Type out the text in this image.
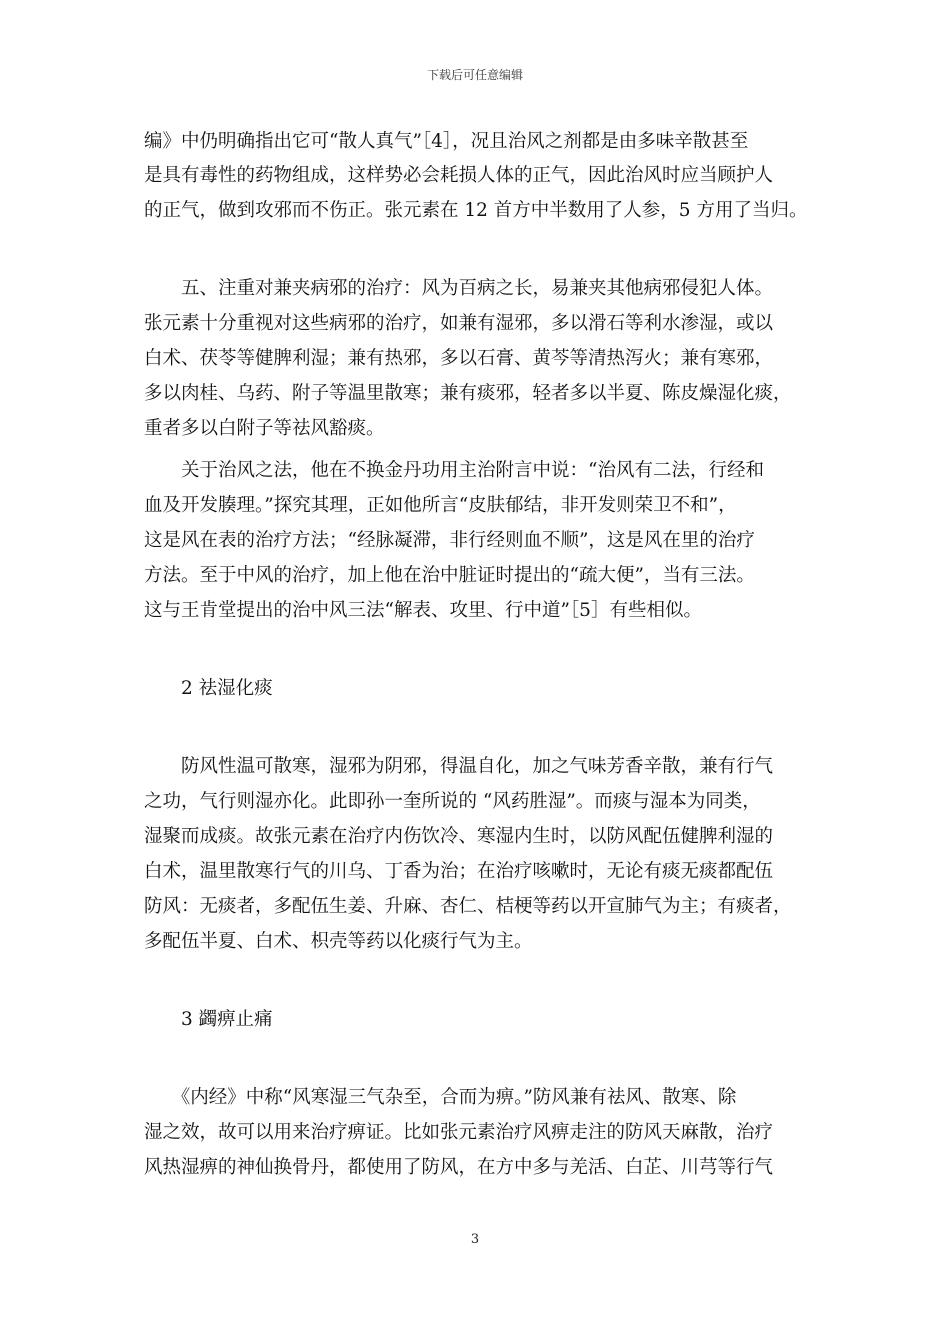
下载后可任意编辑
编》中仍明确指出它可“散人真气”［4］，况且治风之剂都是由多味辛散甚至
是具有毒性的药物组成，这样势必会耗损人体的正气，因此治风时应当顾护人
的正气，做到攻邪而不伤正。张元素在 12 首方中半数用了人参，5 方用了当归。
　　五、注重对兼夹病邪的治疗：风为百病之长，易兼夹其他病邪侵犯人体。
张元素十分重视对这些病邪的治疗，如兼有湿邪，多以滑石等利水渗湿，或以
白术、茯苓等健脾利湿；兼有热邪，多以石膏、黄芩等清热泻火；兼有寒邪，
多以肉桂、乌药、附子等温里散寒；兼有痰邪，轻者多以半夏、陈皮燥湿化痰，
重者多以白附子等祛风豁痰。
　　关于治风之法，他在不换金丹功用主治附言中说：“治风有二法，行经和
血及开发腠理。”探究其理，正如他所言“皮肤郁结，非开发则荣卫不和”，
这是风在表的治疗方法；“经脉凝滞，非行经则血不顺”，这是风在里的治疗
方法。至于中风的治疗，加上他在治中脏证时提出的“疏大便”，当有三法。
这与王肯堂提出的治中风三法“解表、攻里、行中道”［5］有些相似。
　　2 祛湿化痰
　　防风性温可散寒，湿邪为阴邪，得温自化，加之气味芳香辛散，兼有行气
之功，气行则湿亦化。此即孙一奎所说的 “风药胜湿”。而痰与湿本为同类，
湿聚而成痰。故张元素在治疗内伤饮冷、寒湿内生时，以防风配伍健脾利湿的
白术，温里散寒行气的川乌、丁香为治；在治疗咳嗽时，无论有痰无痰都配伍
防风：无痰者，多配伍生姜、升麻、杏仁、桔梗等药以开宣肺气为主；有痰者，
多配伍半夏、白术、枳壳等药以化痰行气为主。
　　3 蠲痹止痛
　　《内经》中称“风寒湿三气杂至，合而为痹。”防风兼有祛风、散寒、除
湿之效，故可以用来治疗痹证。比如张元素治疗风痹走注的防风天麻散，治疗
风热湿痹的神仙换骨丹，都使用了防风，在方中多与羌活、白芷、川芎等行气
3
